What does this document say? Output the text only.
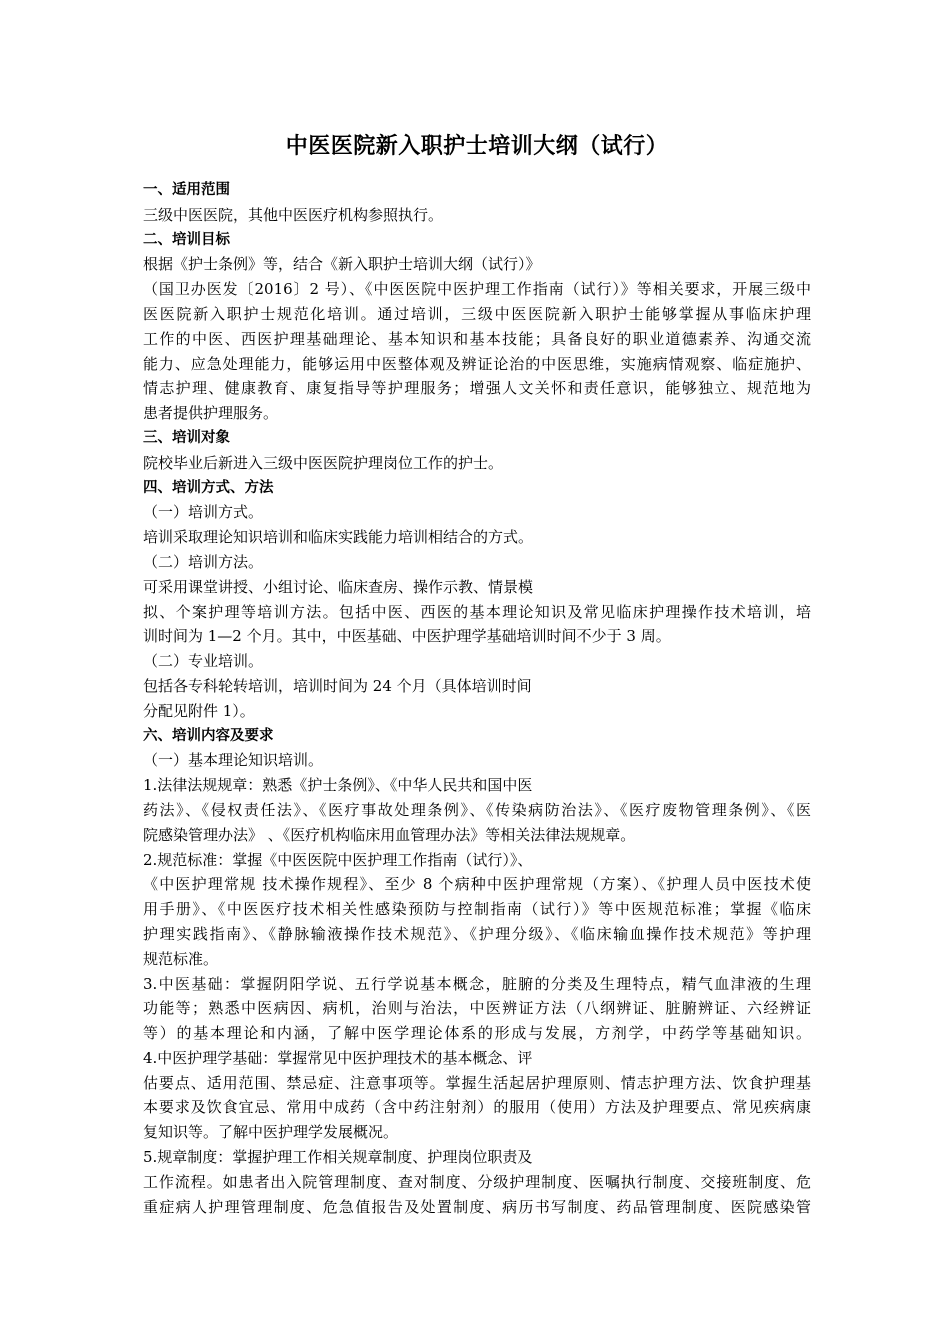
中医医院新入职护士培训大纲（试行）

一、适用范围

三级中医医院，其他中医医疗机构参照执行。

二、培训目标

根据《护士条例》等，结合《新入职护士培训大纲（试行）》

（国卫办医发〔2016〕2 号）、《中医医院中医护理工作指南（试行）》等相关要求，开展三级中

医医院新入职护士规范化培训。通过培训，三级中医医院新入职护士能够掌握从事临床护理

工作的中医、西医护理基础理论、基本知识和基本技能；具备良好的职业道德素养、沟通交流

能力、应急处理能力，能够运用中医整体观及辨证论治的中医思维，实施病情观察、临症施护、

情志护理、健康教育、康复指导等护理服务；增强人文关怀和责任意识，能够独立、规范地为

患者提供护理服务。

三、培训对象

院校毕业后新进入三级中医医院护理岗位工作的护士。

四、培训方式、方法

（一）培训方式。

培训采取理论知识培训和临床实践能力培训相结合的方式。

（二）培训方法。

可采用课堂讲授、小组讨论、临床查房、操作示教、情景模

拟、个案护理等培训方法。包括中医、西医的基本理论知识及常见临床护理操作技术培训，培

训时间为 1—2 个月。其中，中医基础、中医护理学基础培训时间不少于 3 周。

（二）专业培训。

包括各专科轮转培训，培训时间为 24 个月（具体培训时间

分配见附件 1）。

六、培训内容及要求

（一）基本理论知识培训。

1.法律法规规章：熟悉《护士条例》、《中华人民共和国中医

药法》、《侵权责任法》、《医疗事故处理条例》、《传染病防治法》、《医疗废物管理条例》、《医

院感染管理办法》 、《医疗机构临床用血管理办法》等相关法律法规规章。

2.规范标准：掌握《中医医院中医护理工作指南（试行）》、

《中医护理常规 技术操作规程》、至少 8 个病种中医护理常规（方案）、《护理人员中医技术使

用手册》、《中医医疗技术相关性感染预防与控制指南（试行）》等中医规范标准；掌握《临床

护理实践指南》、《静脉输液操作技术规范》、《护理分级》、《临床输血操作技术规范》等护理

规范标准。

3.中医基础：掌握阴阳学说、五行学说基本概念，脏腑的分类及生理特点，精气血津液的生理

功能等；熟悉中医病因、病机，治则与治法，中医辨证方法（八纲辨证、脏腑辨证、六经辨证

等）的基本理论和内涵，了解中医学理论体系的形成与发展，方剂学，中药学等基础知识。

4.中医护理学基础：掌握常见中医护理技术的基本概念、评

估要点、适用范围、禁忌症、注意事项等。掌握生活起居护理原则、情志护理方法、饮食护理基

本要求及饮食宜忌、常用中成药（含中药注射剂）的服用（使用）方法及护理要点、常见疾病康

复知识等。了解中医护理学发展概况。

5.规章制度：掌握护理工作相关规章制度、护理岗位职责及

工作流程。如患者出入院管理制度、查对制度、分级护理制度、医嘱执行制度、交接班制度、危

重症病人护理管理制度、危急值报告及处置制度、病历书写制度、药品管理制度、医院感染管
